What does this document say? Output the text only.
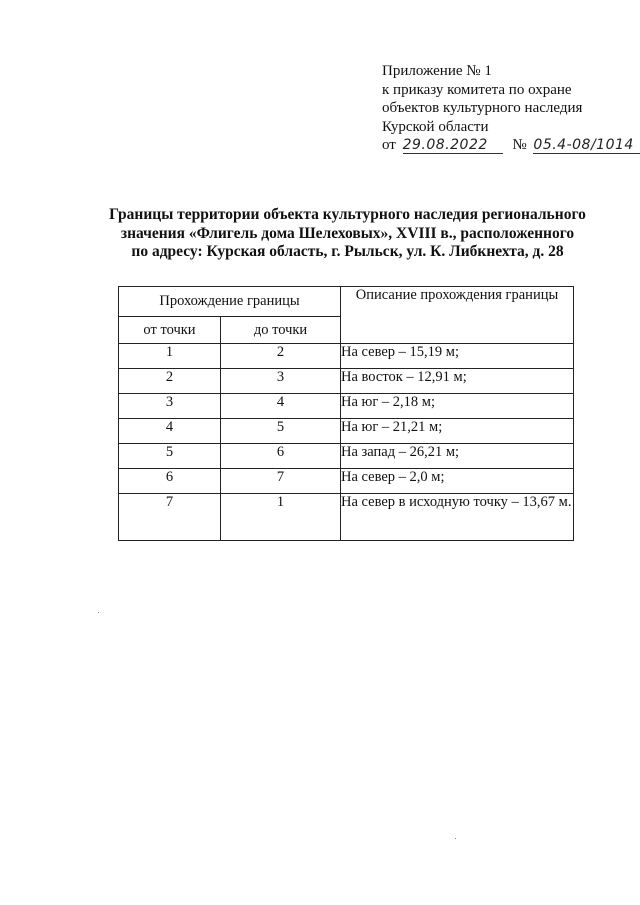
Приложение № 1
к приказу комитета по охране
объектов культурного наследия
Курской области
от 29.08.2022 № 05.4-08/1014
Границы территории объекта культурного наследия регионального
значения «Флигель дома Шелеховых», XVIII в., расположенного
по адресу: Курская область, г. Рыльск, ул. К. Либкнехта, д. 28
Прохождение границы		Описание прохождения границы
от точки	до точки	
1	2	На север – 15,19 м;
2	3	На восток – 12,91 м;
3	4	На юг – 2,18 м;
4	5	На юг – 21,21 м;
5	6	На запад – 26,21 м;
6	7	На север – 2,0 м;
7	1	На север в исходную точку – 13,67 м.
